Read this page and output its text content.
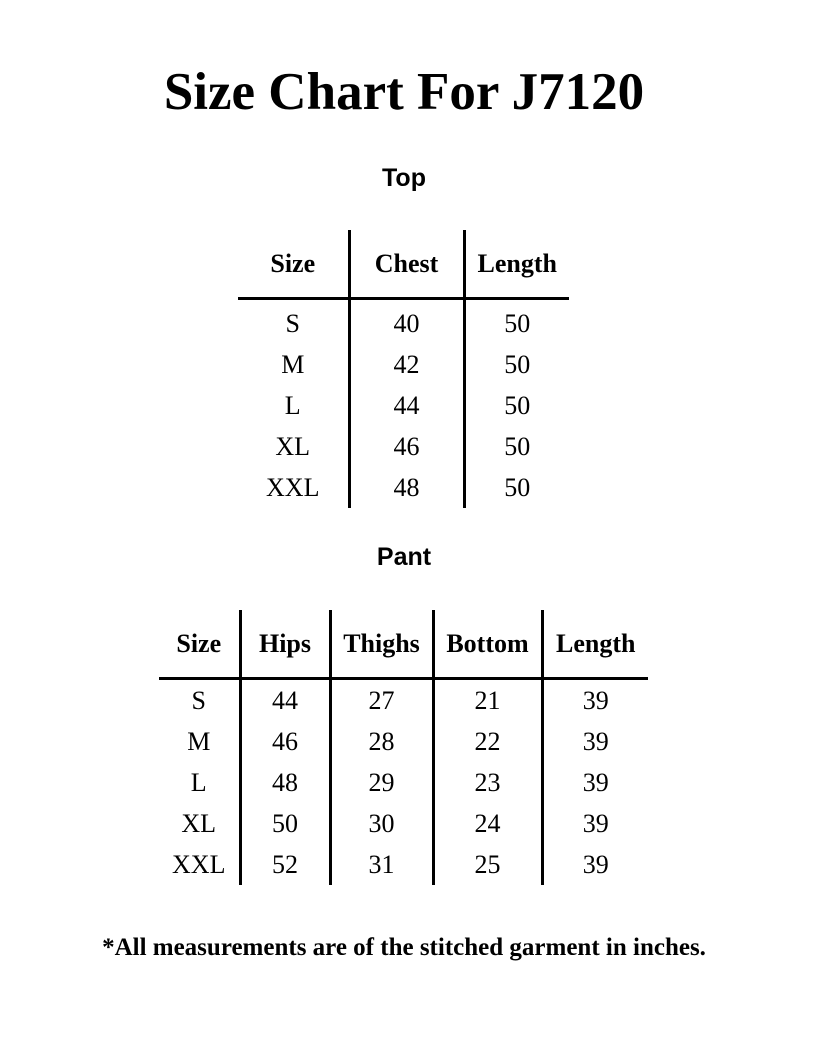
Size Chart For J7120
Top
Size	Chest	Length
S	40	50
M	42	50
L	44	50
XL	46	50
XXL	48	50
Pant
Size	Hips	Thighs	Bottom	Length
S	44	27	21	39
M	46	28	22	39
L	48	29	23	39
XL	50	30	24	39
XXL	52	31	25	39
*All measurements are of the stitched garment in inches.
